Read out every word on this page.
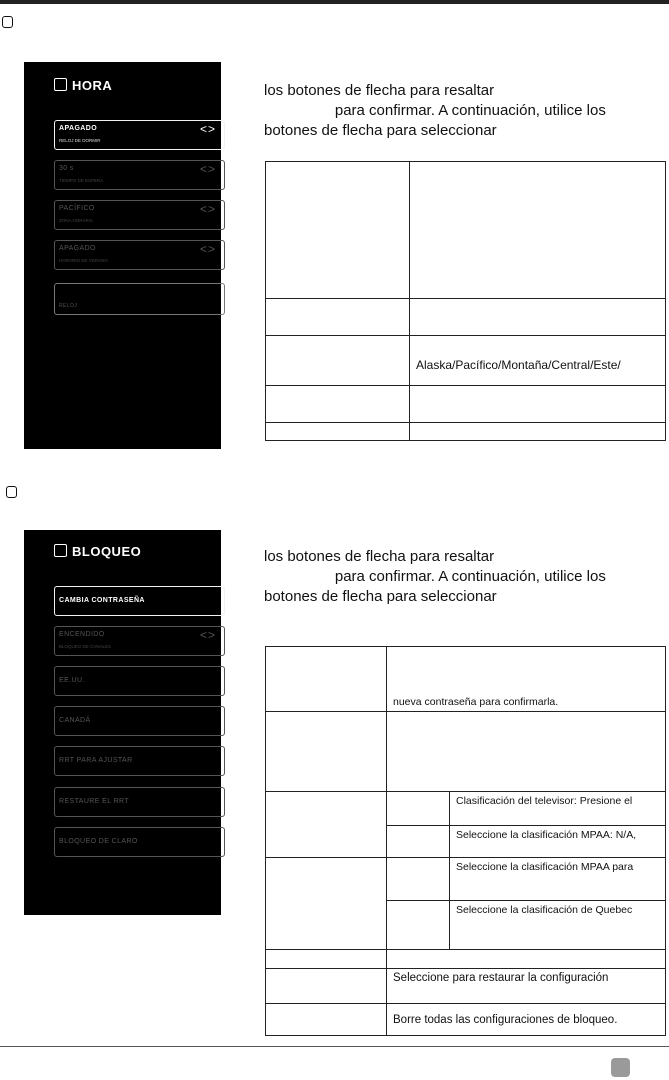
HORA
APAGADO
RELOJ DE DORMIR
<>
30 s
TIEMPO DE ESPERA
<>
PACÍFICO
ZONA HORARIA
<>
APAGADO
HORARIO DE VERANO
<>
RELOJ
los botones de flecha para resaltar
para confirmar. A continuación, utilice los
botones de flecha para seleccionar

	Alaska/Pacífico/Montaña/Central/Este/

BLOQUEO
CAMBIA CONTRASEÑA
ENCENDIDO
BLOQUEO DE CANALES
<>
EE.UU.
CANADÁ
RRT PARA AJUSTAR
RESTAURE EL RRT
BLOQUEO DE CLARO
los botones de flecha para resaltar
para confirmar. A continuación, utilice los
botones de flecha para seleccionar
	nueva contraseña para confirmarla.	

		Clasificación del televisor: Presione el
		Seleccione la clasificación MPAA: N/A,
		Seleccione la clasificación MPAA para
		Seleccione la clasificación de Quebec

	Seleccione para restaurar la configuración	
	Borre todas las configuraciones de bloqueo.	
